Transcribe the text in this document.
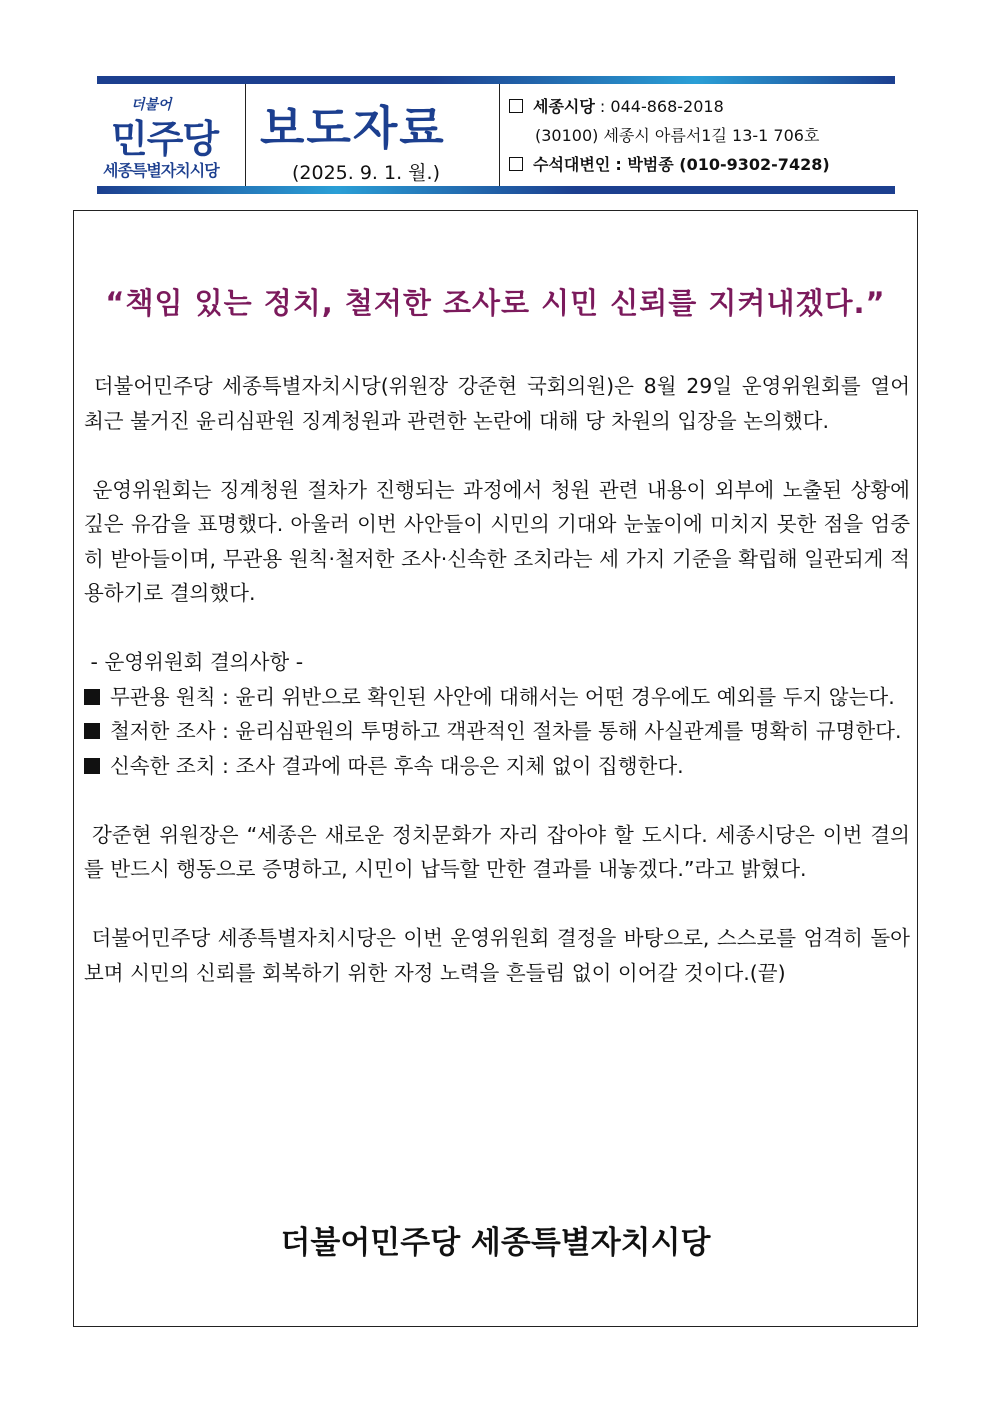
더불어
민주당
세종특별자치시당
보도자료
(2025. 9. 1. 월.)
세종시당 : 044-868-2018
(30100) 세종시 아름서1길 13-1 706호
수석대변인 : 박범종 (010-9302-7428)
“책임 있는 정치, 철저한 조사로 시민 신뢰를 지켜내겠다.”

더불어민주당 세종특별자치시당(위원장 강준현 국회의원)은 8월 29일 운영위원회를 열어 최근 불거진 윤리심판원 징계청원과 관련한 논란에 대해 당 차원의 입장을 논의했다.

운영위원회는 징계청원 절차가 진행되는 과정에서 청원 관련 내용이 외부에 노출된 상황에 깊은 유감을 표명했다. 아울러 이번 사안들이 시민의 기대와 눈높이에 미치지 못한 점을 엄중히 받아들이며, 무관용 원칙·철저한 조사·신속한 조치라는 세 가지 기준을 확립해 일관되게 적용하기로 결의했다.

- 운영위원회 결의사항 -

무관용 원칙 : 윤리 위반으로 확인된 사안에 대해서는 어떤 경우에도 예외를 두지 않는다.

철저한 조사 : 윤리심판원의 투명하고 객관적인 절차를 통해 사실관계를 명확히 규명한다.

신속한 조치 : 조사 결과에 따른 후속 대응은 지체 없이 집행한다.

강준현 위원장은 “세종은 새로운 정치문화가 자리 잡아야 할 도시다. 세종시당은 이번 결의를 반드시 행동으로 증명하고, 시민이 납득할 만한 결과를 내놓겠다.”라고 밝혔다.

더불어민주당 세종특별자치시당은 이번 운영위원회 결정을 바탕으로, 스스로를 엄격히 돌아보며 시민의 신뢰를 회복하기 위한 자정 노력을 흔들림 없이 이어갈 것이다.(끝)

더불어민주당 세종특별자치시당
